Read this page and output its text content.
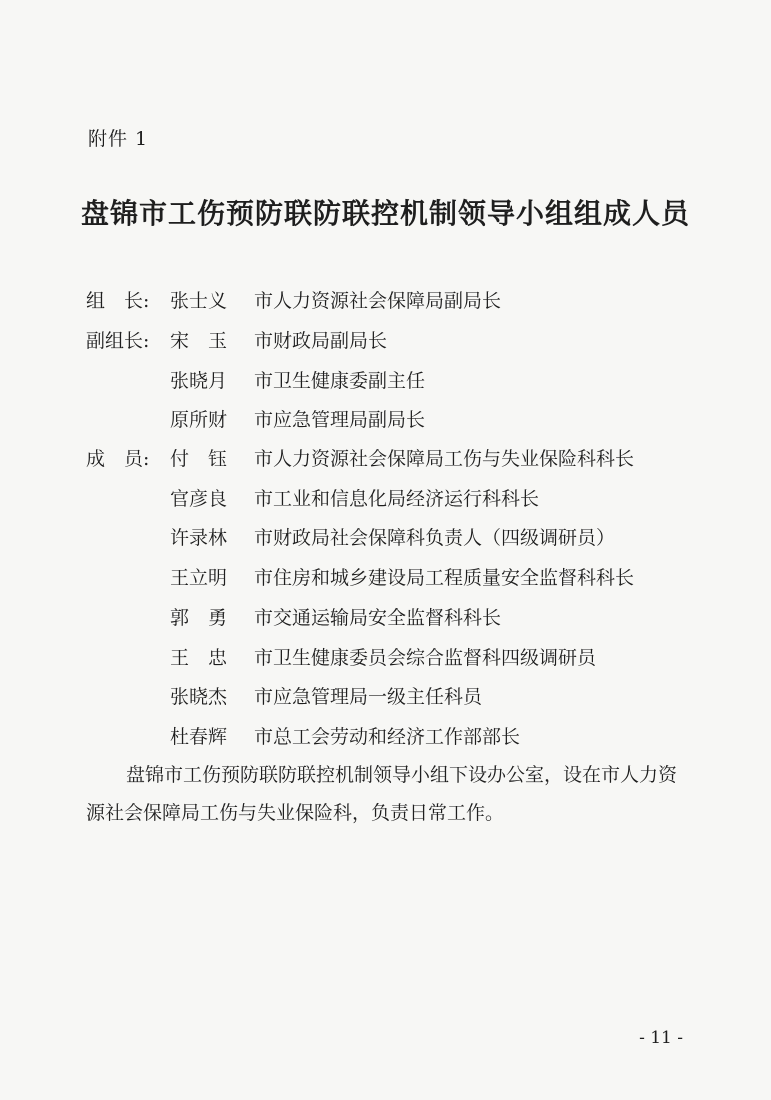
附件 1
盘锦市工伤预防联防联控机制领导小组组成人员
组　长: 张士义 市人力资源社会保障局副局长
副组长: 宋　玉 市财政局副局长
张晓月 市卫生健康委副主任
原所财 市应急管理局副局长
成　员: 付　钰 市人力资源社会保障局工伤与失业保险科科长
官彦良 市工业和信息化局经济运行科科长
许录林 市财政局社会保障科负责人（四级调研员）
王立明 市住房和城乡建设局工程质量安全监督科科长
郭　勇 市交通运输局安全监督科科长
王　忠 市卫生健康委员会综合监督科四级调研员
张晓杰 市应急管理局一级主任科员
杜春辉 市总工会劳动和经济工作部部长
盘锦市工伤预防联防联控机制领导小组下设办公室，设在市人力资源社会保障局工伤与失业保险科，负责日常工作。
- 11 -
